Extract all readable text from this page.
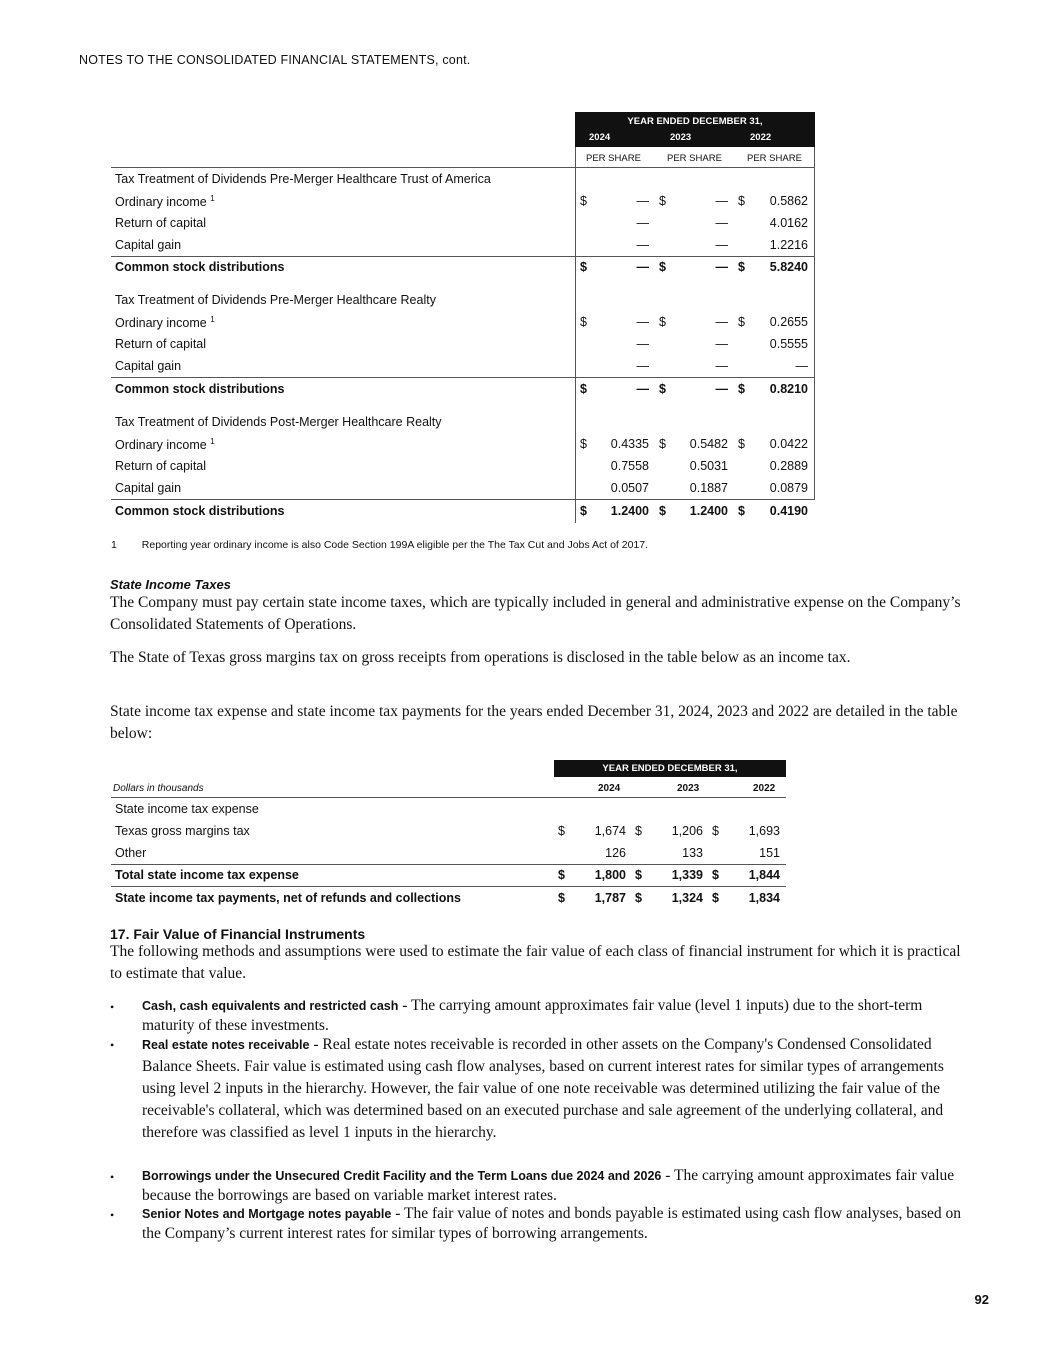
NOTES TO THE CONSOLIDATED FINANCIAL STATEMENTS, cont.
YEAR ENDED DECEMBER 31,
2024	2023	2022
PER SHARE	PER SHARE	PER SHARE
Tax Treatment of Dividends Pre-Merger Healthcare Trust of America
Ordinary income $^1$	$	— $	— $	0.5862
Return of capital	—	—	4.0162
Capital gain	—	—	1.2216
Common stock distributions	$	— $	— $	5.8240
Tax Treatment of Dividends Pre-Merger Healthcare Realty
Ordinary income $^1$	$	— $	— $	0.2655
Return of capital	—	—	0.5555
Capital gain	—	—	—
Common stock distributions	$	— $	— $	0.8210
Tax Treatment of Dividends Post-Merger Healthcare Realty
Ordinary income $^1$	$	0.4335 $	0.5482 $	0.0422
Return of capital	0.7558	0.5031	0.2889
Capital gain	0.0507	0.1887	0.0879
Common stock distributions	$	1.2400 $	1.2400 $	0.4190
1 Reporting year ordinary income is also Code Section 199A eligible per the The Tax Cut and Jobs Act of 2017.
State Income Taxes
The Company must pay certain state income taxes, which are typically included in general and administrative expense on the Company’s Consolidated Statements of Operations.
The State of Texas gross margins tax on gross receipts from operations is disclosed in the table below as an income tax.
State income tax expense and state income tax payments for the years ended December 31, 2024, 2023 and 2022 are detailed in the table below:
YEAR ENDED DECEMBER 31,
Dollars in thousands	2024	2023	2022
State income tax expense
Texas gross margins tax	$	1,674 $	1,206 $	1,693
Other	126	133	151
Total state income tax expense	$	1,800 $	1,339 $	1,844
State income tax payments, net of refunds and collections	$	1,787 $	1,324 $	1,834
17. Fair Value of Financial Instruments
The following methods and assumptions were used to estimate the fair value of each class of financial instrument for which it is practical to estimate that value.
• Cash, cash equivalents and restricted cash - The carrying amount approximates fair value (level 1 inputs) due to the short-term maturity of these investments.
• Real estate notes receivable - Real estate notes receivable is recorded in other assets on the Company's Condensed Consolidated Balance Sheets. Fair value is estimated using cash flow analyses, based on current interest rates for similar types of arrangements using level 2 inputs in the hierarchy. However, the fair value of one note receivable was determined utilizing the fair value of the receivable's collateral, which was determined based on an executed purchase and sale agreement of the underlying collateral, and therefore was classified as level 1 inputs in the hierarchy.
• Borrowings under the Unsecured Credit Facility and the Term Loans due 2024 and 2026 - The carrying amount approximates fair value because the borrowings are based on variable market interest rates.
• Senior Notes and Mortgage notes payable - The fair value of notes and bonds payable is estimated using cash flow analyses, based on the Company’s current interest rates for similar types of borrowing arrangements.
92
